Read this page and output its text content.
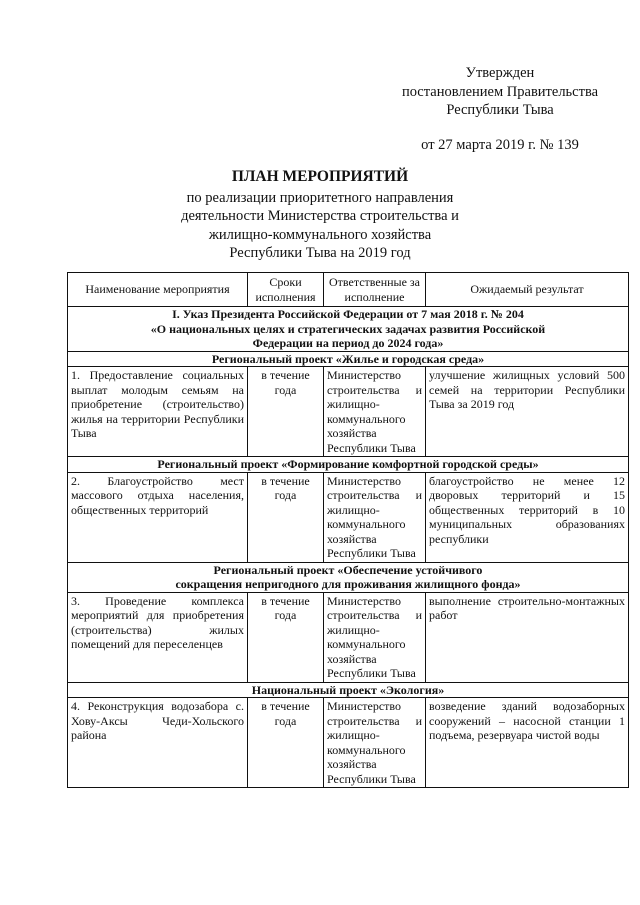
Утвержден
постановлением Правительства
Республики Тыва
от 27 марта 2019 г. № 139
ПЛАН МЕРОПРИЯТИЙ
по реализации приоритетного направления
деятельности Министерства строительства и
жилищно-коммунального хозяйства
Республики Тыва на 2019 год
Наименование мероприятия	Сроки исполнения	Ответственные за исполнение	Ожидаемый результат

I. Указ Президента Российской Федерации от 7 мая 2018 г. № 204
«О национальных целях и стратегических задачах развития Российской
Федерации на период до 2024 года»			

Региональный проект «Жилье и городская среда»			
1. Предоставление социальных выплат молодым семьям на приобретение (строительство) жилья на территории Республики Тыва	в течение года	Министерство строительства и жилищно-коммунального хозяйства Республики Тыва	улучшение жилищных условий 500 семей на территории Республики Тыва за 2019 год
Региональный проект «Формирование комфортной городской среды»			
2. Благоустройство мест массового отдыха населения, общественных территорий	в течение года	Министерство строительства и жилищно-коммунального хозяйства Республики Тыва	благоустройство не менее 12 дворовых территорий и 15 общественных территорий в 10 муниципальных образованиях республики

Региональный проект «Обеспечение устойчивого
сокращения непригодного для проживания жилищного фонда»			

3. Проведение комплекса мероприятий для приобретения (строительства) жилых помещений для переселенцев	в течение года	Министерство строительства и жилищно-коммунального хозяйства Республики Тыва	выполнение строительно-монтажных работ
Национальный проект «Экология»			
4. Реконструкция водозабора с. Хову-Аксы Чеди-Хольского района	в течение года	Министерство строительства и жилищно-коммунального хозяйства Республики Тыва	возведение зданий водозаборных сооружений – насосной станции 1 подъема, резервуара чистой воды
